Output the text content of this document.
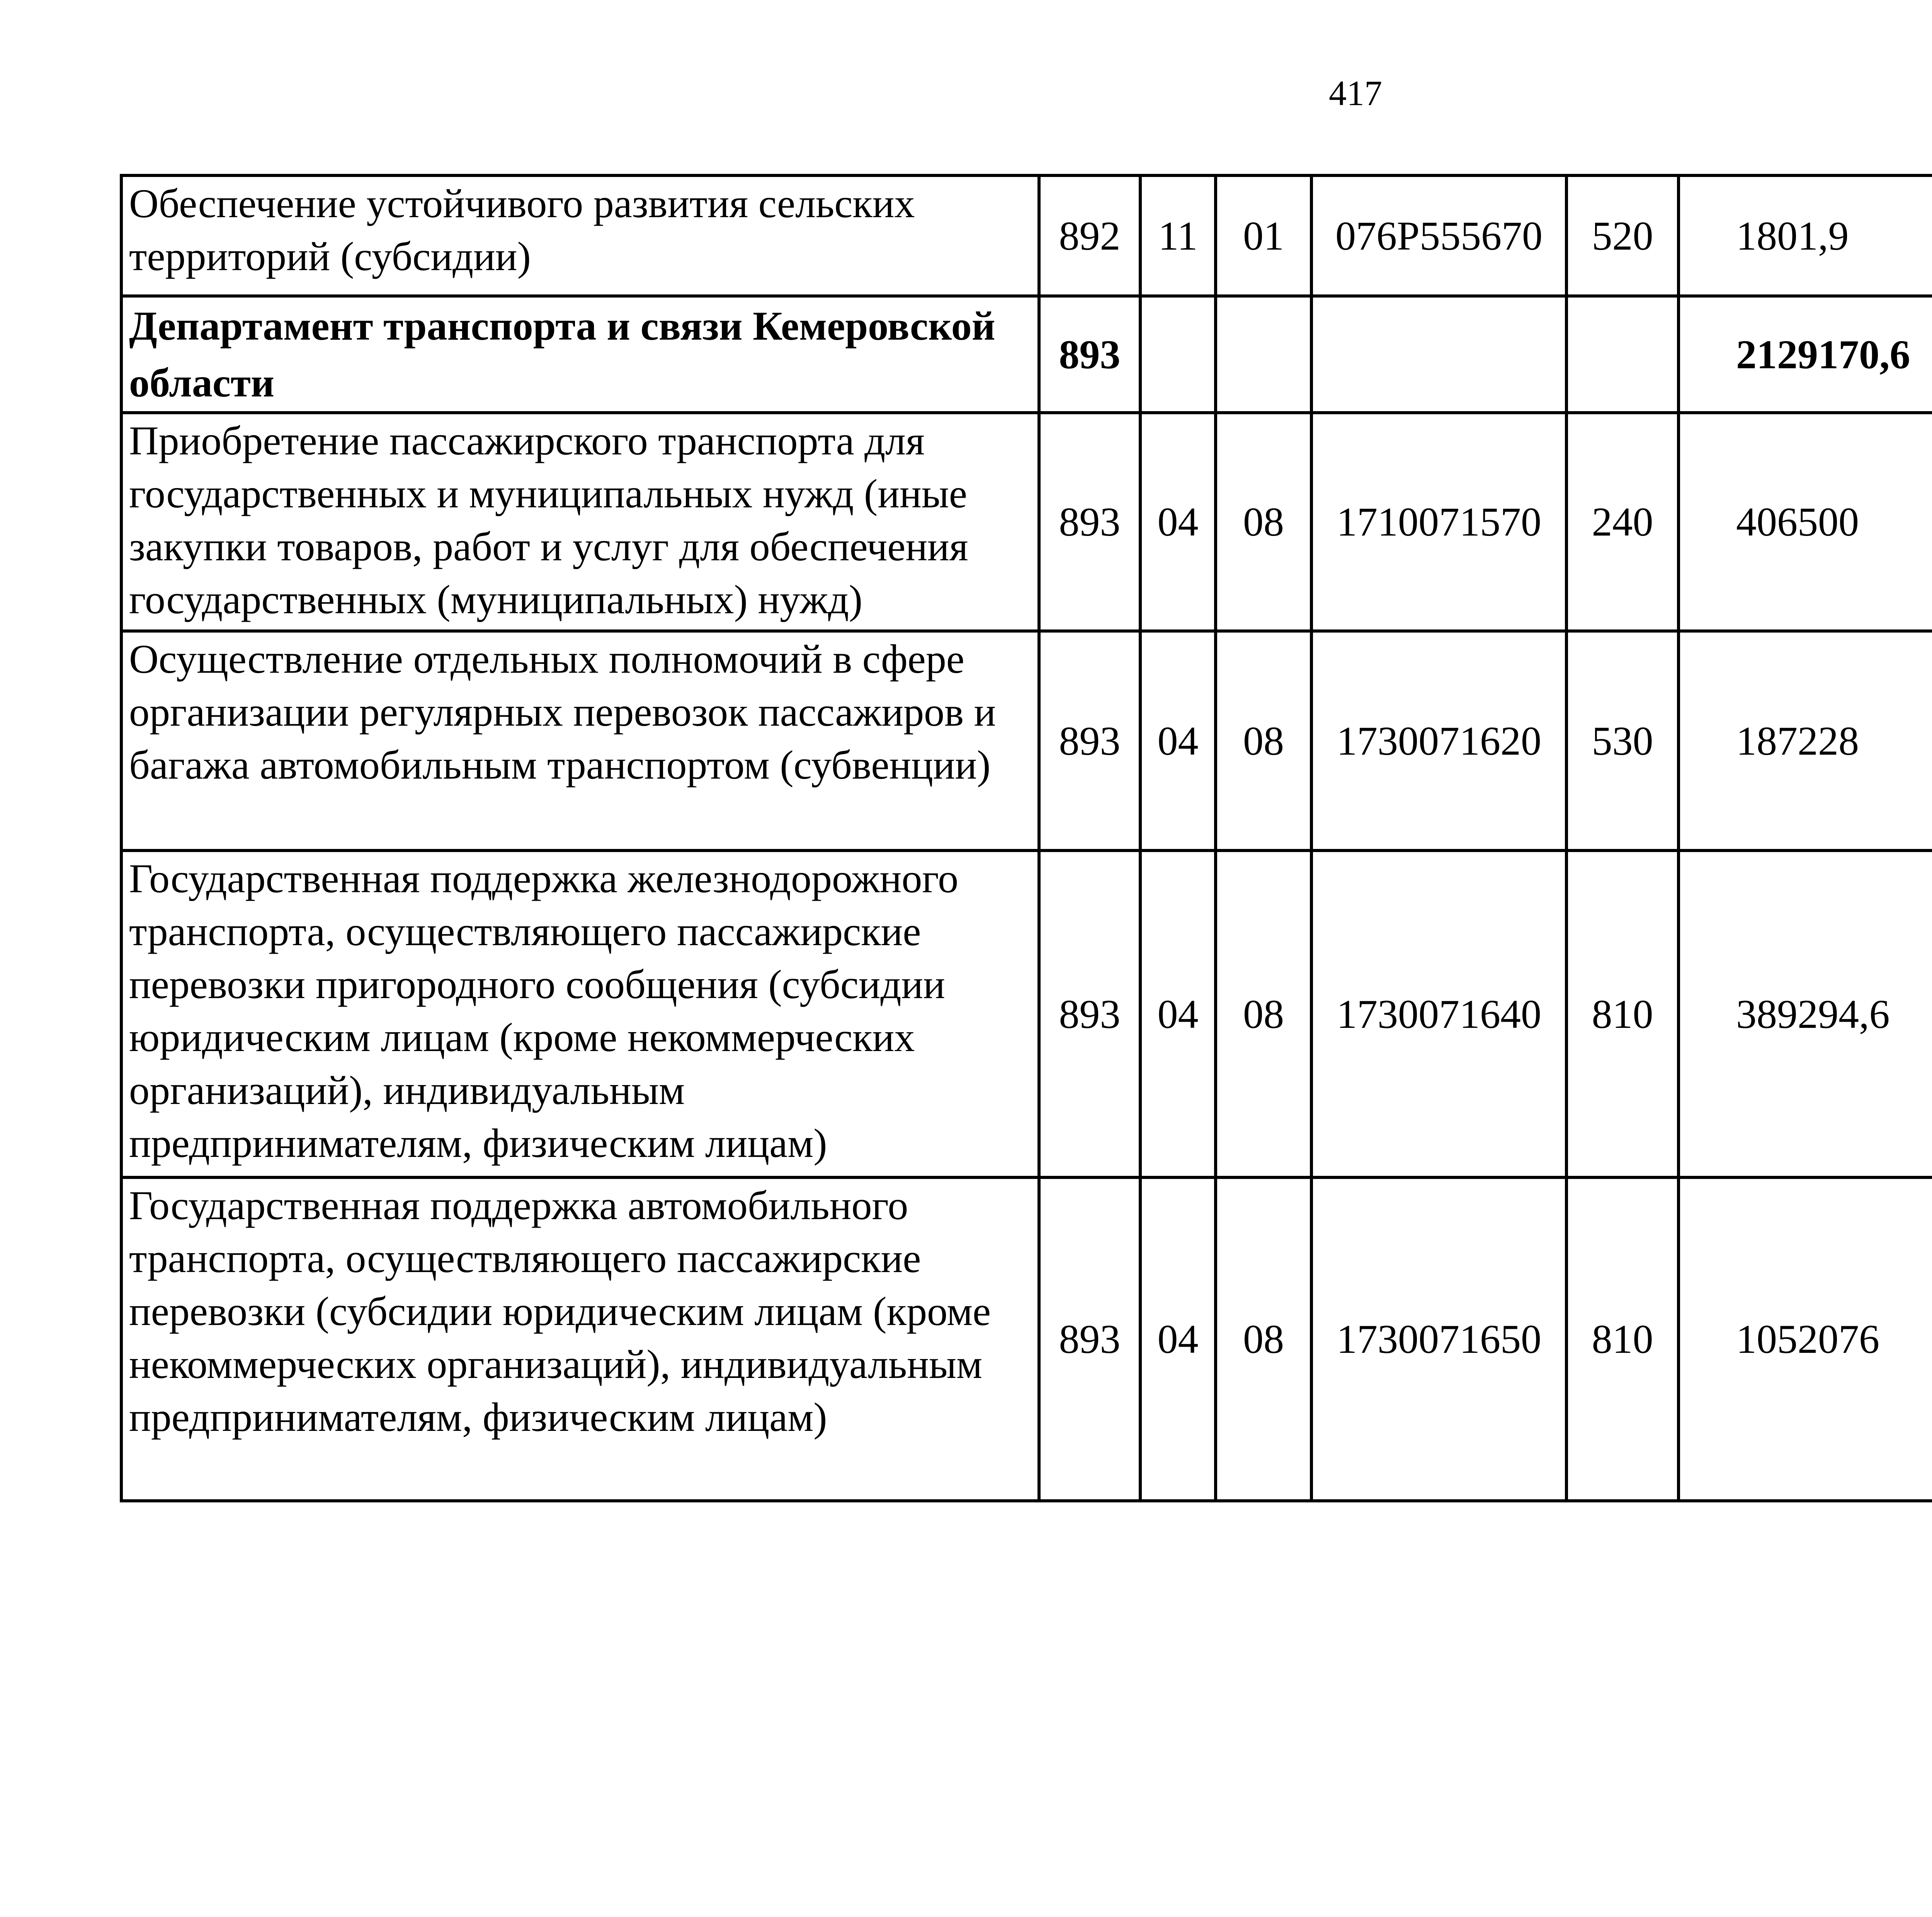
417
Обеспечение устойчивого развития сельских территорий (субсидии)	892	11	01	076P555670	520	1801,9		
Департамент транспорта и связи Кемеровской области	893					2129170,6		
Приобретение пассажирского транспорта для государственных и муниципальных нужд (иные закупки товаров, работ и услуг для обеспечения государственных (муниципальных) нужд)	893	04	08	1710071570	240	406500		
Осуществление отдельных полномочий в сфере организации регулярных перевозок пассажиров и багажа автомобильным транспортом (субвенции)	893	04	08	1730071620	530	187228		
Государственная поддержка железнодорожного транспорта, осуществляющего пассажирские перевозки пригородного сообщения (субсидии юридическим лицам (кроме некоммерческих организаций), индивидуальным предпринимателям, физическим лицам)	893	04	08	1730071640	810	389294,6		
Государственная поддержка автомобильного транспорта, осуществляющего пассажирские перевозки (субсидии юридическим лицам (кроме некоммерческих организаций), индивидуальным предпринимателям, физическим лицам)	893	04	08	1730071650	810	1052076		
